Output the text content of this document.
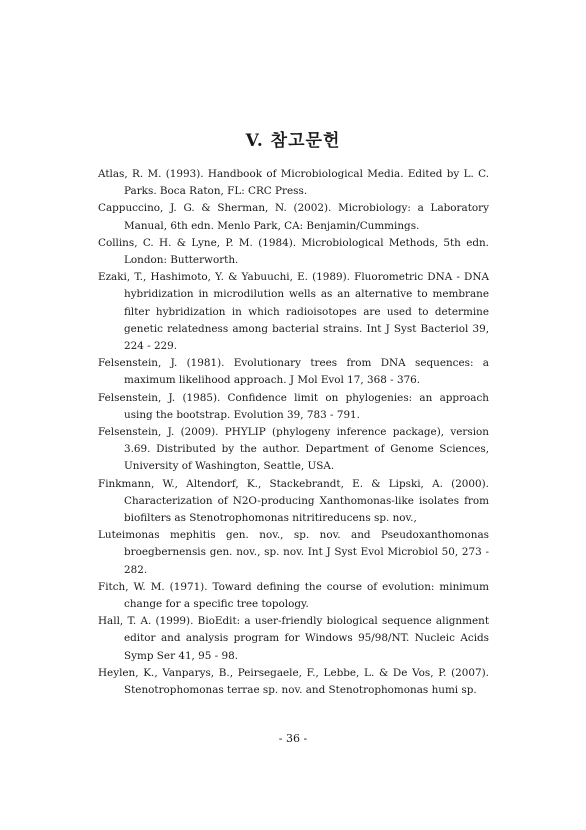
V. 참고문헌
Atlas, R. M. (1993). Handbook of Microbiological Media. Edited by L. C. Parks. Boca Raton, FL: CRC Press.
Cappuccino, J. G. & Sherman, N. (2002). Microbiology: a Laboratory Manual, 6th edn. Menlo Park, CA: Benjamin/Cummings.
Collins, C. H. & Lyne, P. M. (1984). Microbiological Methods, 5th edn. London: Butterworth.
Ezaki, T., Hashimoto, Y. & Yabuuchi, E. (1989). Fluorometric DNA - DNA hybridization in microdilution wells as an alternative to membrane filter hybridization in which radioisotopes are used to determine genetic relatedness among bacterial strains. Int J Syst Bacteriol 39, 224 - 229.
Felsenstein, J. (1981). Evolutionary trees from DNA sequences: a maximum likelihood approach. J Mol Evol 17, 368 - 376.
Felsenstein, J. (1985). Confidence limit on phylogenies: an approach using the bootstrap. Evolution 39, 783 - 791.
Felsenstein, J. (2009). PHYLIP (phylogeny inference package), version 3.69. Distributed by the author. Department of Genome Sciences, University of Washington, Seattle, USA.
Finkmann, W., Altendorf, K., Stackebrandt, E. & Lipski, A. (2000). Characterization of N2O-producing Xanthomonas-like isolates from biofilters as Stenotrophomonas nitritireducens sp. nov.,
Luteimonas mephitis gen. nov., sp. nov. and Pseudoxanthomonas broegbernensis gen. nov., sp. nov. Int J Syst Evol Microbiol 50, 273 - 282.
Fitch, W. M. (1971). Toward defining the course of evolution: minimum change for a specific tree topology.
Hall, T. A. (1999). BioEdit: a user-friendly biological sequence alignment editor and analysis program for Windows 95/98/NT. Nucleic Acids Symp Ser 41, 95 - 98.
Heylen, K., Vanparys, B., Peirsegaele, F., Lebbe, L. & De Vos, P. (2007). Stenotrophomonas terrae sp. nov. and Stenotrophomonas humi sp.
- 36 -
